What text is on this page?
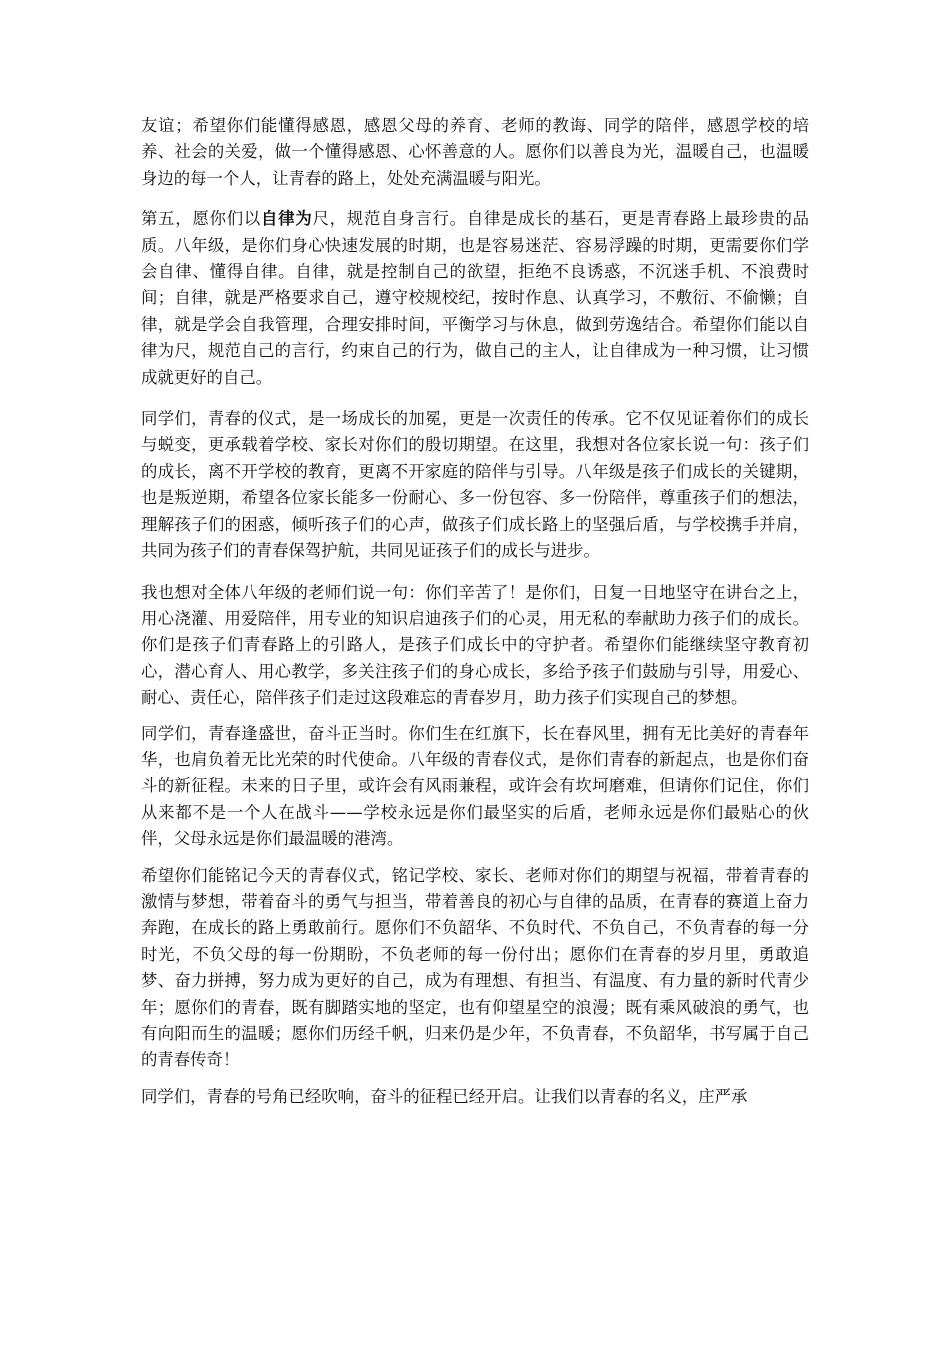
友谊；希望你们能懂得感恩，感恩父母的养育、老师的教诲、同学的陪伴，感恩学校的培养、社会的关爱，做一个懂得感恩、心怀善意的人。愿你们以善良为光，温暖自己，也温暖身边的每一个人，让青春的路上，处处充满温暖与阳光。

第五，愿你们以自律为尺，规范自身言行。自律是成长的基石，更是青春路上最珍贵的品质。八年级，是你们身心快速发展的时期，也是容易迷茫、容易浮躁的时期，更需要你们学会自律、懂得自律。自律，就是控制自己的欲望，拒绝不良诱惑，不沉迷手机、不浪费时间；自律，就是严格要求自己，遵守校规校纪，按时作息、认真学习，不敷衍、不偷懒；自律，就是学会自我管理，合理安排时间，平衡学习与休息，做到劳逸结合。希望你们能以自律为尺，规范自己的言行，约束自己的行为，做自己的主人，让自律成为一种习惯，让习惯成就更好的自己。

同学们，青春的仪式，是一场成长的加冕，更是一次责任的传承。它不仅见证着你们的成长与蜕变，更承载着学校、家长对你们的殷切期望。在这里，我想对各位家长说一句：孩子们的成长，离不开学校的教育，更离不开家庭的陪伴与引导。八年级是孩子们成长的关键期，也是叛逆期，希望各位家长能多一份耐心、多一份包容、多一份陪伴，尊重孩子们的想法，理解孩子们的困惑，倾听孩子们的心声，做孩子们成长路上的坚强后盾，与学校携手并肩，共同为孩子们的青春保驾护航，共同见证孩子们的成长与进步。

我也想对全体八年级的老师们说一句：你们辛苦了！是你们，日复一日地坚守在讲台之上，用心浇灌、用爱陪伴，用专业的知识启迪孩子们的心灵，用无私的奉献助力孩子们的成长。你们是孩子们青春路上的引路人，是孩子们成长中的守护者。希望你们能继续坚守教育初心，潜心育人、用心教学，多关注孩子们的身心成长，多给予孩子们鼓励与引导，用爱心、耐心、责任心，陪伴孩子们走过这段难忘的青春岁月，助力孩子们实现自己的梦想。

同学们，青春逢盛世，奋斗正当时。你们生在红旗下，长在春风里，拥有无比美好的青春年华，也肩负着无比光荣的时代使命。八年级的青春仪式，是你们青春的新起点，也是你们奋斗的新征程。未来的日子里，或许会有风雨兼程，或许会有坎坷磨难，但请你们记住，你们从来都不是一个人在战斗——学校永远是你们最坚实的后盾，老师永远是你们最贴心的伙伴，父母永远是你们最温暖的港湾。

希望你们能铭记今天的青春仪式，铭记学校、家长、老师对你们的期望与祝福，带着青春的激情与梦想，带着奋斗的勇气与担当，带着善良的初心与自律的品质，在青春的赛道上奋力奔跑，在成长的路上勇敢前行。愿你们不负韶华、不负时代、不负自己，不负青春的每一分时光，不负父母的每一份期盼，不负老师的每一份付出；愿你们在青春的岁月里，勇敢追梦、奋力拼搏，努力成为更好的自己，成为有理想、有担当、有温度、有力量的新时代青少年；愿你们的青春，既有脚踏实地的坚定，也有仰望星空的浪漫；既有乘风破浪的勇气，也有向阳而生的温暖；愿你们历经千帆，归来仍是少年，不负青春，不负韶华，书写属于自己的青春传奇！

同学们，青春的号角已经吹响，奋斗的征程已经开启。让我们以青春的名义，庄严承
